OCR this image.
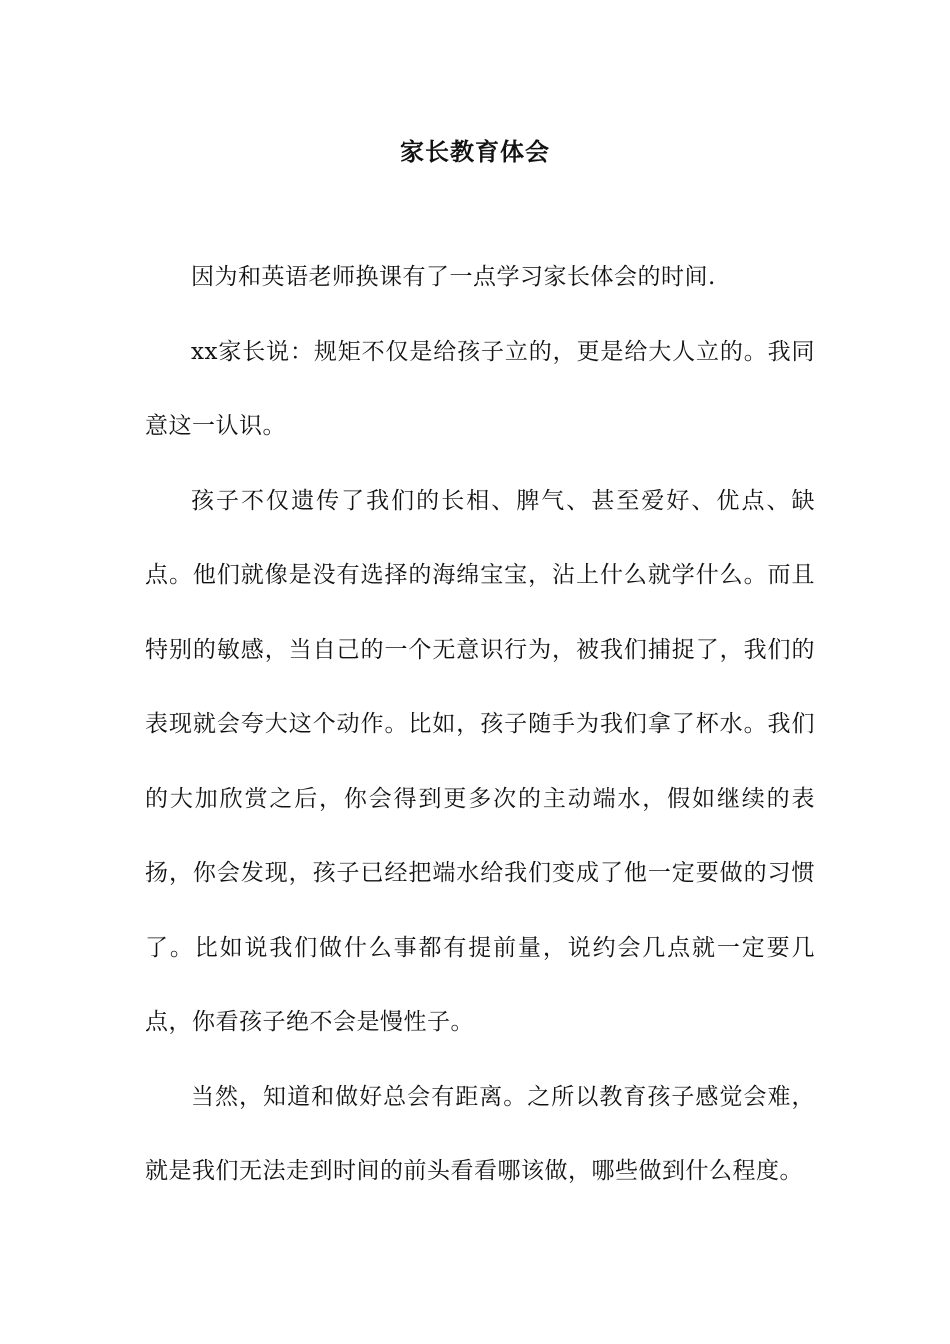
家长教育体会

因为和英语老师换课有了一点学习家长体会的时间.

xx家长说：规矩不仅是给孩子立的，更是给大人立的。我同意这一认识。

孩子不仅遗传了我们的长相、脾气、甚至爱好、优点、缺点。他们就像是没有选择的海绵宝宝，沾上什么就学什么。而且特别的敏感，当自己的一个无意识行为，被我们捕捉了，我们的表现就会夸大这个动作。比如，孩子随手为我们拿了杯水。我们的大加欣赏之后，你会得到更多次的主动端水，假如继续的表扬，你会发现，孩子已经把端水给我们变成了他一定要做的习惯了。比如说我们做什么事都有提前量，说约会几点就一定要几点，你看孩子绝不会是慢性子。

当然，知道和做好总会有距离。之所以教育孩子感觉会难，就是我们无法走到时间的前头看看哪该做，哪些做到什么程度。
